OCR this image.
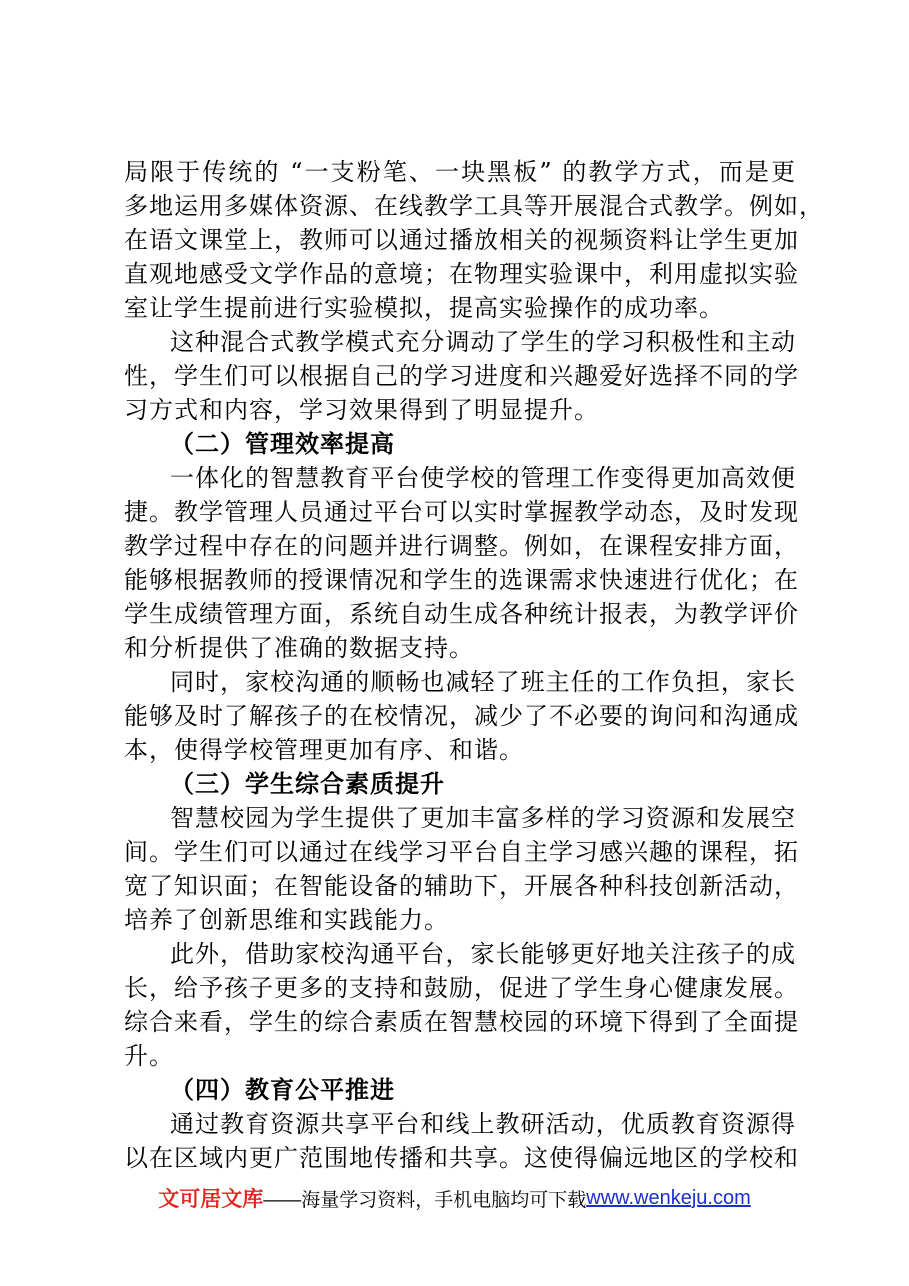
局限于传统的 “一支粉笔、一块黑板” 的教学方式，而是更
多地运用多媒体资源、在线教学工具等开展混合式教学。例如，
在语文课堂上，教师可以通过播放相关的视频资料让学生更加
直观地感受文学作品的意境；在物理实验课中，利用虚拟实验
室让学生提前进行实验模拟，提高实验操作的成功率。
这种混合式教学模式充分调动了学生的学习积极性和主动
性，学生们可以根据自己的学习进度和兴趣爱好选择不同的学
习方式和内容，学习效果得到了明显提升。
（二）管理效率提高
一体化的智慧教育平台使学校的管理工作变得更加高效便
捷。教学管理人员通过平台可以实时掌握教学动态，及时发现
教学过程中存在的问题并进行调整。例如，在课程安排方面，
能够根据教师的授课情况和学生的选课需求快速进行优化；在
学生成绩管理方面，系统自动生成各种统计报表，为教学评价
和分析提供了准确的数据支持。
同时，家校沟通的顺畅也减轻了班主任的工作负担，家长
能够及时了解孩子的在校情况，减少了不必要的询问和沟通成
本，使得学校管理更加有序、和谐。
（三）学生综合素质提升
智慧校园为学生提供了更加丰富多样的学习资源和发展空
间。学生们可以通过在线学习平台自主学习感兴趣的课程，拓
宽了知识面；在智能设备的辅助下，开展各种科技创新活动，
培养了创新思维和实践能力。
此外，借助家校沟通平台，家长能够更好地关注孩子的成
长，给予孩子更多的支持和鼓励，促进了学生身心健康发展。
综合来看，学生的综合素质在智慧校园的环境下得到了全面提
升。
（四）教育公平推进
通过教育资源共享平台和线上教研活动，优质教育资源得
以在区域内更广范围地传播和共享。这使得偏远地区的学校和
文可居文库 ——海量学习资料，手机电脑均可下载 www.wenkeju.com
